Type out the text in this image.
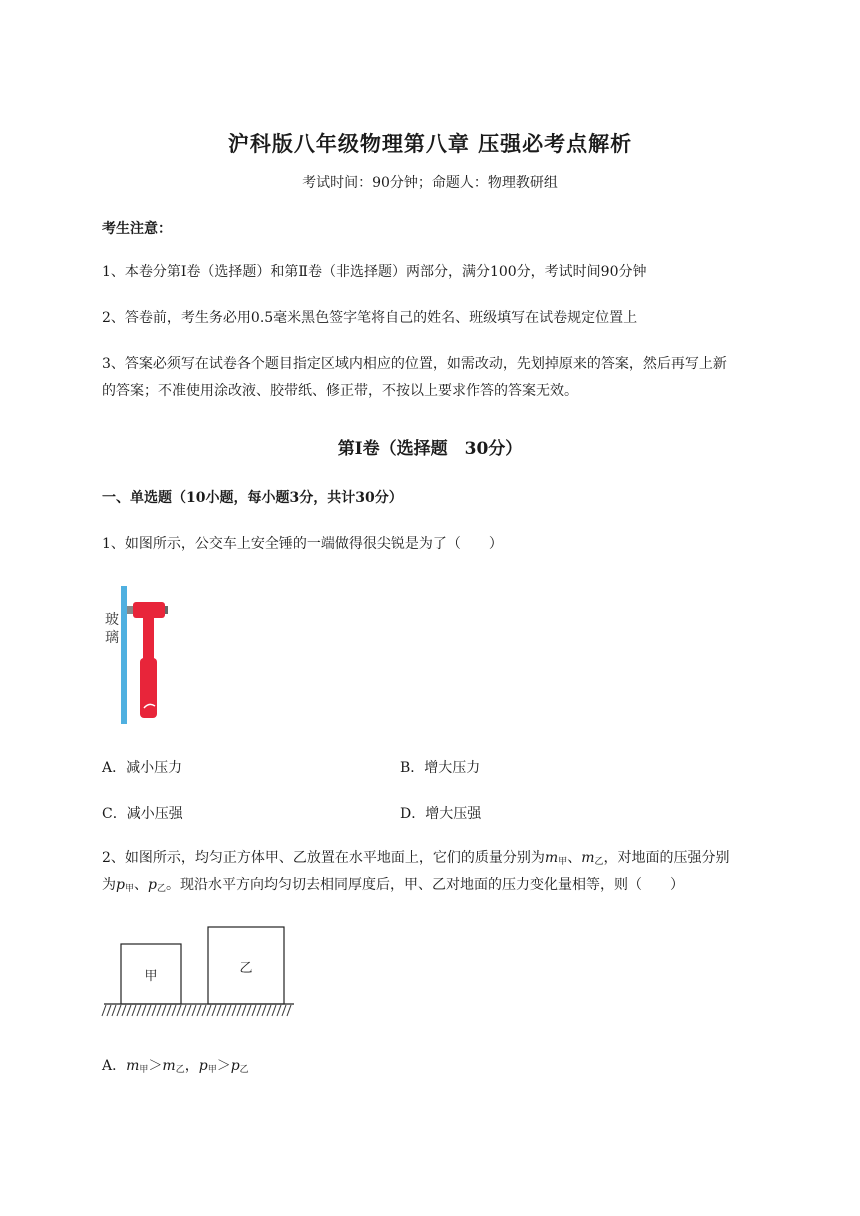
沪科版八年级物理第八章 压强必考点解析
考试时间：90分钟；命题人：物理教研组
考生注意：
1、本卷分第Ⅰ卷（选择题）和第Ⅱ卷（非选择题）两部分，满分100分，考试时间90分钟
2、答卷前，考生务必用0.5毫米黑色签字笔将自己的姓名、班级填写在试卷规定位置上
3、答案必须写在试卷各个题目指定区域内相应的位置，如需改动，先划掉原来的答案，然后再写上新
的答案；不准使用涂改液、胶带纸、修正带，不按以上要求作答的答案无效。
第Ⅰ卷（选择题　30分）
一、单选题（10小题，每小题3分，共计30分）
1、如图所示，公交车上安全锤的一端做得很尖锐是为了（　　）
玻
璃
A．减小压力	B．增大压力
C．减小压强	D．增大压强
2、如图所示，均匀正方体甲、乙放置在水平地面上，它们的质量分别为$m_甲$、$m_乙$，对地面的压强分别
为$p_甲$、$p_乙$。现沿水平方向均匀切去相同厚度后，甲、乙对地面的压力变化量相等，则（　　）
甲
乙
A．$m_甲>m_乙$，$p_甲>p_乙$
